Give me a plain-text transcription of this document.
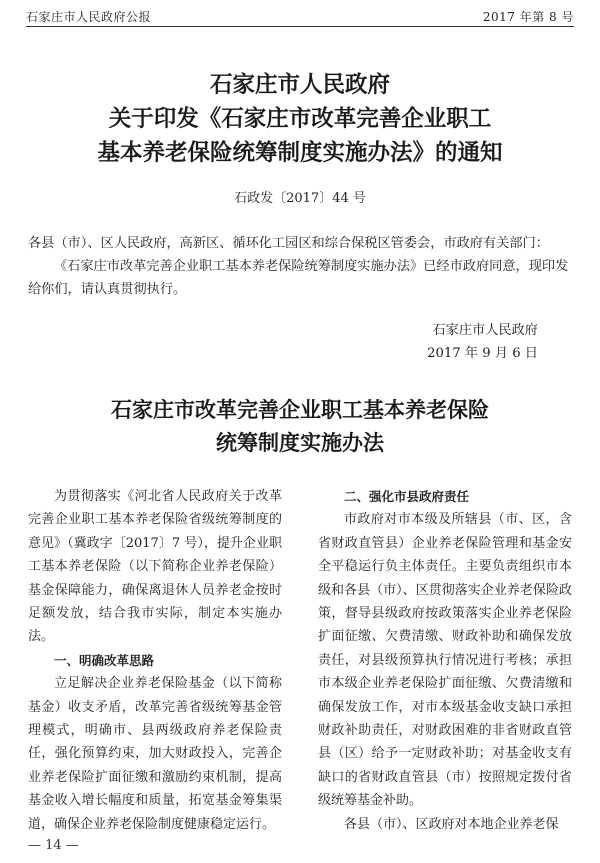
石家庄市人民政府公报	2017 年第 8 号
石家庄市人民政府
关于印发《石家庄市改革完善企业职工
基本养老保险统筹制度实施办法》的通知
石政发〔2017〕44 号
各县（市）、区人民政府，高新区、循环化工园区和综合保税区管委会，市政府有关部门：
《石家庄市改革完善企业职工基本养老保险统筹制度实施办法》已经市政府同意，现印发给你们，请认真贯彻执行。
石家庄市人民政府
2017 年 9 月 6 日
石家庄市改革完善企业职工基本养老保险
统筹制度实施办法

为贯彻落实《河北省人民政府关于改革完善企业职工基本养老保险省级统筹制度的意见》（冀政字〔2017〕7 号），提升企业职工基本养老保险（以下简称企业养老保险）基金保障能力，确保离退休人员养老金按时足额发放，结合我市实际，制定本实施办法。

一、明确改革思路

立足解决企业养老保险基金（以下简称基金）收支矛盾，改革完善省级统筹基金管理模式，明确市、县两级政府养老保险责任，强化预算约束，加大财政投入，完善企业养老保险扩面征缴和激励约束机制，提高基金收入增长幅度和质量，拓宽基金筹集渠道，确保企业养老保险制度健康稳定运行。

二、强化市县政府责任

市政府对市本级及所辖县（市、区，含省财政直管县）企业养老保险管理和基金安全平稳运行负主体责任。主要负责组织市本级和各县（市）、区贯彻落实企业养老保险政策，督导县级政府按政策落实企业养老保险扩面征缴、欠费清缴、财政补助和确保发放责任，对县级预算执行情况进行考核；承担市本级企业养老保险扩面征缴、欠费清缴和确保发放工作，对市本级基金收支缺口承担财政补助责任，对财政困难的非省财政直管县（区）给予一定财政补助；对基金收支有缺口的省财政直管县（市）按照规定拨付省级统筹基金补助。

各县（市）、区政府对本地企业养老保

— 14 —
